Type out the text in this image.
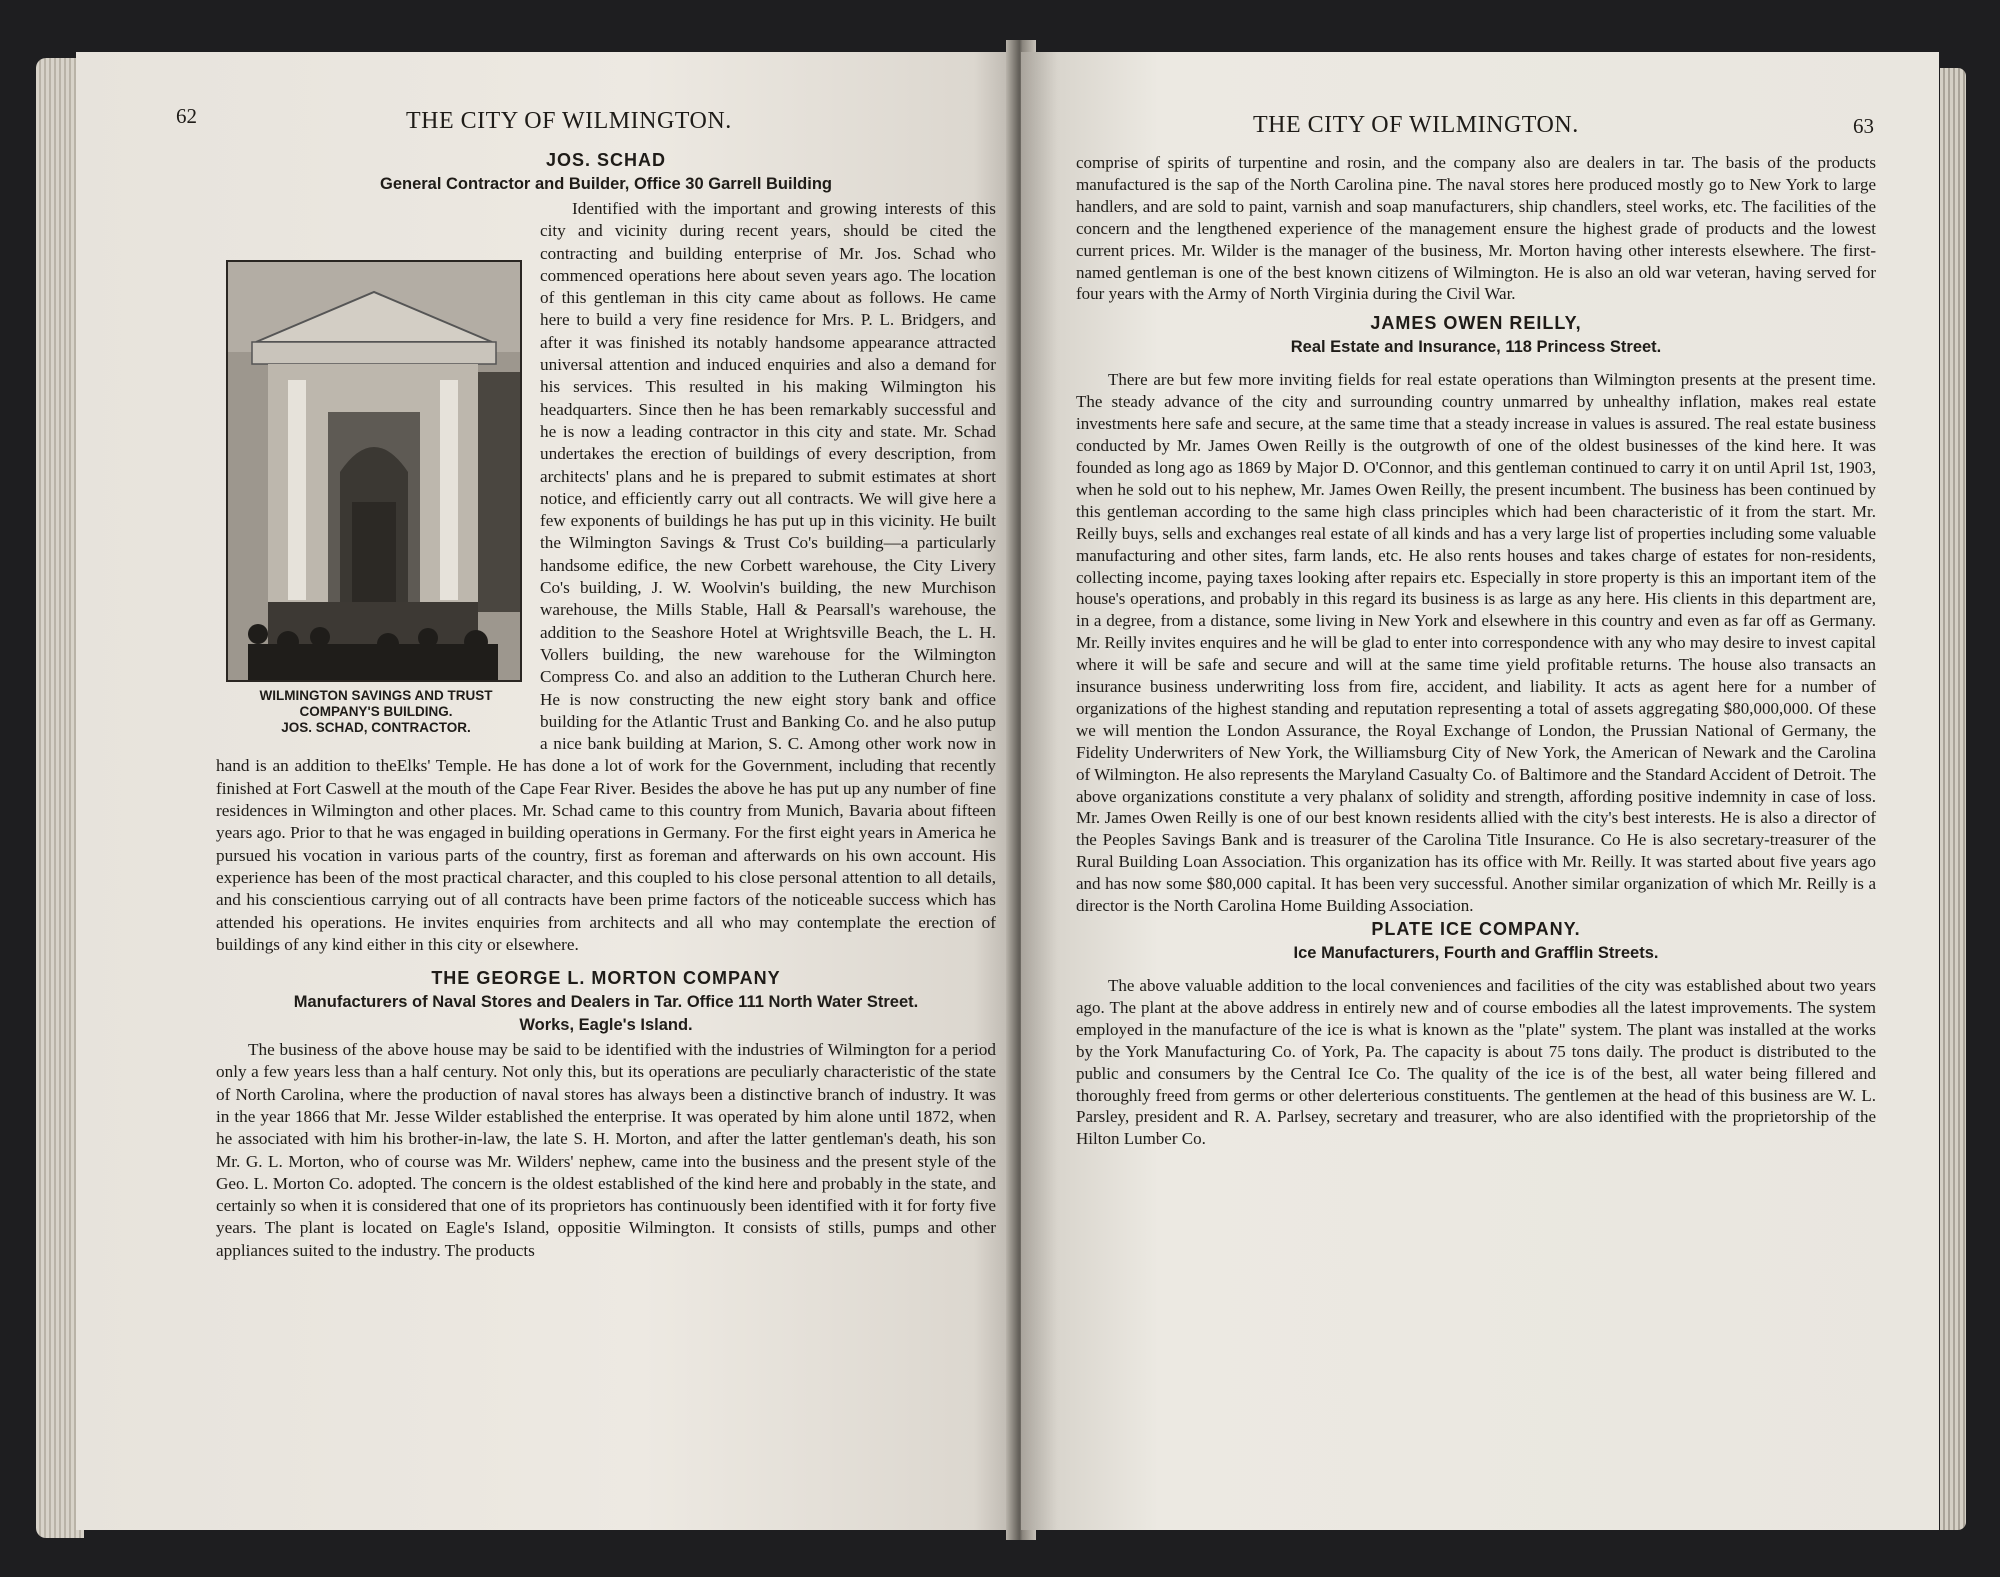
62	THE CITY OF WILMINGTON.
JOS. SCHAD
General Contractor and Builder, Office 30 Garrell Building
WILMINGTON SAVINGS AND TRUST
COMPANY'S BUILDING.
JOS. SCHAD, CONTRACTOR.

Identified with the important and growing interests of this city and vicinity during recent years, should be cited the contracting and building enterprise of Mr. Jos. Schad who commenced operations here about seven years ago. The location of this gentleman in this city came about as follows. He came here to build a very fine residence for Mrs. P. L. Bridgers, and after it was finished its notably handsome appearance attracted universal attention and induced enquiries and also a demand for his services. This resulted in his making Wilmington his headquarters. Since then he has been remarkably successful and he is now a leading contractor in this city and state. Mr. Schad undertakes the erection of buildings of every description, from architects' plans and he is prepared to submit estimates at short notice, and efficiently carry out all contracts. We will give here a few exponents of buildings he has put up in this vicinity. He built the Wilmington Savings & Trust Co's building—a particularly handsome edifice, the new Corbett warehouse, the City Livery Co's building, J. W. Woolvin's building, the new Murchison warehouse, the Mills Stable, Hall & Pearsall's warehouse, the addition to the Seashore Hotel at Wrightsville Beach, the L. H. Vollers building, the new warehouse for the Wilmington Compress Co. and also an addition to the Lutheran Church here. He is now constructing the new eight story bank and office building for the Atlantic Trust and Banking Co. and he also putup a nice bank building at Marion, S. C. Among other work now in hand is an addition to theElks' Temple. He has done a lot of work for the Government, including that recently finished at Fort Caswell at the mouth of the Cape Fear River. Besides the above he has put up any number of fine residences in Wilmington and other places. Mr. Schad came to this country from Munich, Bavaria about fifteen years ago. Prior to that he was engaged in building operations in Germany. For the first eight years in America he pursued his vocation in various parts of the country, first as foreman and afterwards on his own account. His experience has been of the most practical character, and this coupled to his close personal attention to all details, and his conscientious carrying out of all contracts have been prime factors of the noticeable success which has attended his operations. He invites enquiries from architects and all who may contemplate the erection of buildings of any kind either in this city or elsewhere.

THE GEORGE L. MORTON COMPANY
Manufacturers of Naval Stores and Dealers in Tar. Office 111 North Water Street.
Works, Eagle's Island.

The business of the above house may be said to be identified with the industries of Wilmington for a period only a few years less than a half century. Not only this, but its operations are peculiarly characteristic of the state of North Carolina, where the production of naval stores has always been a distinctive branch of industry. It was in the year 1866 that Mr. Jesse Wilder established the enterprise. It was operated by him alone until 1872, when he associated with him his brother-in-law, the late S. H. Morton, and after the latter gentleman's death, his son Mr. G. L. Morton, who of course was Mr. Wilders' nephew, came into the business and the present style of the Geo. L. Morton Co. adopted. The concern is the oldest established of the kind here and probably in the state, and certainly so when it is considered that one of its proprietors has continuously been identified with it for forty five years. The plant is located on Eagle's Island, oppositie Wilmington. It consists of stills, pumps and other appliances suited to the industry. The products

THE CITY OF WILMINGTON.	63

comprise of spirits of turpentine and rosin, and the company also are dealers in tar. The basis of the products manufactured is the sap of the North Carolina pine. The naval stores here produced mostly go to New York to large handlers, and are sold to paint, varnish and soap manufacturers, ship chandlers, steel works, etc. The facilities of the concern and the lengthened experience of the management ensure the highest grade of products and the lowest current prices. Mr. Wilder is the manager of the business, Mr. Morton having other interests elsewhere. The first-named gentleman is one of the best known citizens of Wilmington. He is also an old war veteran, having served for four years with the Army of North Virginia during the Civil War.

JAMES OWEN REILLY,
Real Estate and Insurance, 118 Princess Street.

There are but few more inviting fields for real estate operations than Wilmington presents at the present time. The steady advance of the city and surrounding country unmarred by unhealthy inflation, makes real estate investments here safe and secure, at the same time that a steady increase in values is assured. The real estate business conducted by Mr. James Owen Reilly is the outgrowth of one of the oldest businesses of the kind here. It was founded as long ago as 1869 by Major D. O'Connor, and this gentleman continued to carry it on until April 1st, 1903, when he sold out to his nephew, Mr. James Owen Reilly, the present incumbent. The business has been continued by this gentleman according to the same high class principles which had been characteristic of it from the start. Mr. Reilly buys, sells and exchanges real estate of all kinds and has a very large list of properties including some valuable manufacturing and other sites, farm lands, etc. He also rents houses and takes charge of estates for non-residents, collecting income, paying taxes looking after repairs etc. Especially in store property is this an important item of the house's operations, and probably in this regard its business is as large as any here. His clients in this department are, in a degree, from a distance, some living in New York and elsewhere in this country and even as far off as Germany. Mr. Reilly invites enquires and he will be glad to enter into correspondence with any who may desire to invest capital where it will be safe and secure and will at the same time yield profitable returns. The house also transacts an insurance business underwriting loss from fire, accident, and liability. It acts as agent here for a number of organizations of the highest standing and reputation representing a total of assets aggregating $80,000,000. Of these we will mention the London Assurance, the Royal Exchange of London, the Prussian National of Germany, the Fidelity Underwriters of New York, the Williamsburg City of New York, the American of Newark and the Carolina of Wilmington. He also represents the Maryland Casualty Co. of Baltimore and the Standard Accident of Detroit. The above organizations constitute a very phalanx of solidity and strength, affording positive indemnity in case of loss. Mr. James Owen Reilly is one of our best known residents allied with the city's best interests. He is also a director of the Peoples Savings Bank and is treasurer of the Carolina Title Insurance. Co He is also secretary-treasurer of the Rural Building Loan Association. This organization has its office with Mr. Reilly. It was started about five years ago and has now some $80,000 capital. It has been very successful. Another similar organization of which Mr. Reilly is a director is the North Carolina Home Building Association.

PLATE ICE COMPANY.
Ice Manufacturers, Fourth and Grafflin Streets.

The above valuable addition to the local conveniences and facilities of the city was established about two years ago. The plant at the above address in entirely new and of course embodies all the latest improvements. The system employed in the manufacture of the ice is what is known as the "plate" system. The plant was installed at the works by the York Manufacturing Co. of York, Pa. The capacity is about 75 tons daily. The product is distributed to the public and consumers by the Central Ice Co. The quality of the ice is of the best, all water being fillered and thoroughly freed from germs or other delerterious constituents. The gentlemen at the head of this business are W. L. Parsley, president and R. A. Parlsey, secretary and treasurer, who are also identified with the proprietorship of the Hilton Lumber Co.
